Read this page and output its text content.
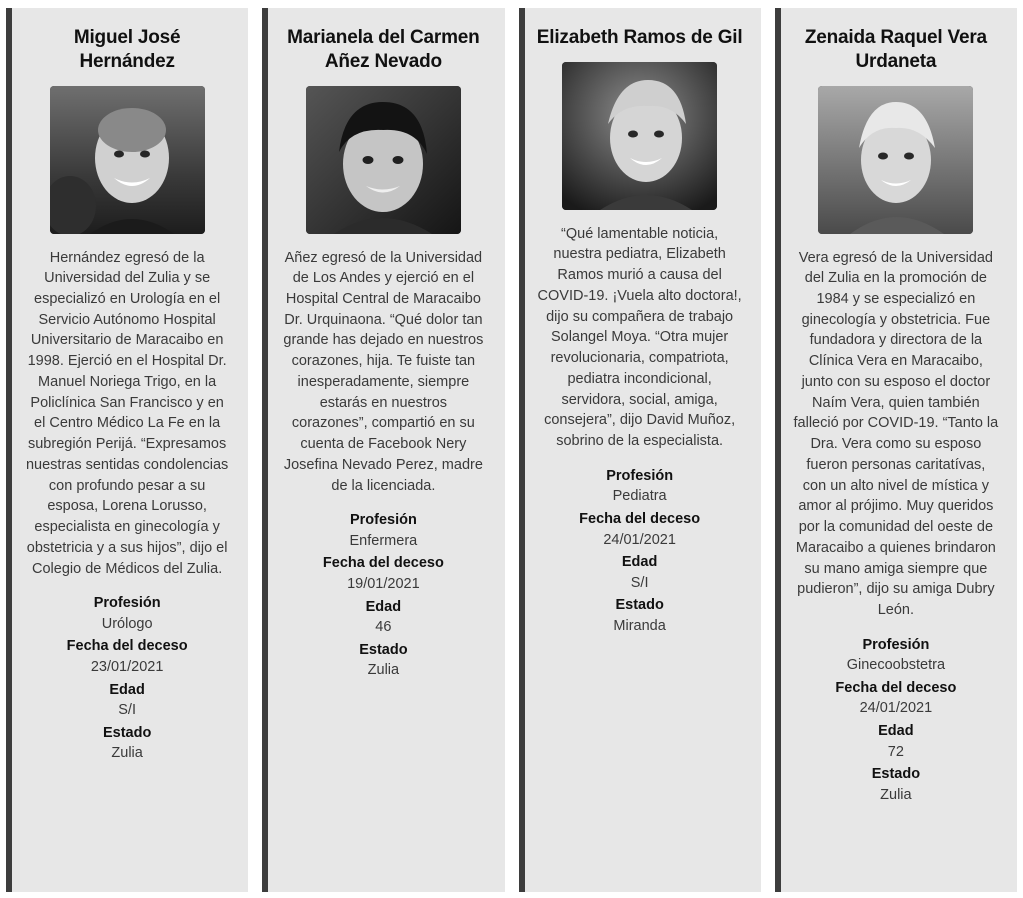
Miguel José Hernández
Hernández egresó de la Universidad del Zulia y se especializó en Urología en el Servicio Autónomo Hospital Universitario de Maracaibo en 1998. Ejerció en el Hospital Dr. Manuel Noriega Trigo, en la Policlínica San Francisco y en el Centro Médico La Fe en la subregión Perijá. “Expresamos nuestras sentidas condolencias con profundo pesar a su esposa, Lorena Lorusso, especialista en ginecología y obstetricia y a sus hijos”, dijo el Colegio de Médicos del Zulia.
Profesión
Urólogo
Fecha del deceso
23/01/2021
Edad
S/I
Estado
Zulia
Marianela del Carmen Añez Nevado
Añez egresó de la Universidad de Los Andes y ejerció en el Hospital Central de Maracaibo Dr. Urquinaona. “Qué dolor tan grande has dejado en nuestros corazones, hija. Te fuiste tan inesperadamente, siempre estarás en nuestros corazones”, compartió en su cuenta de Facebook Nery Josefina Nevado Perez, madre de la licenciada.
Profesión
Enfermera
Fecha del deceso
19/01/2021
Edad
46
Estado
Zulia
Elizabeth Ramos de Gil
“Qué lamentable noticia, nuestra pediatra, Elizabeth Ramos murió a causa del COVID-19. ¡Vuela alto doctora!, dijo su compañera de trabajo Solangel Moya. “Otra mujer revolucionaria, compatriota, pediatra incondicional, servidora, social, amiga, consejera”, dijo David Muñoz, sobrino de la especialista.
Profesión
Pediatra
Fecha del deceso
24/01/2021
Edad
S/I
Estado
Miranda
Zenaida Raquel Vera Urdaneta
Vera egresó de la Universidad del Zulia en la promoción de 1984 y se especializó en ginecología y obstetricia. Fue fundadora y directora de la Clínica Vera en Maracaibo, junto con su esposo el doctor Naím Vera, quien también falleció por COVID-19. “Tanto la Dra. Vera como su esposo fueron personas caritatívas, con un alto nivel de mística y amor al prójimo. Muy queridos por la comunidad del oeste de Maracaibo a quienes brindaron su mano amiga siempre que pudieron”, dijo su amiga Dubry León.
Profesión
Ginecoobstetra
Fecha del deceso
24/01/2021
Edad
72
Estado
Zulia
